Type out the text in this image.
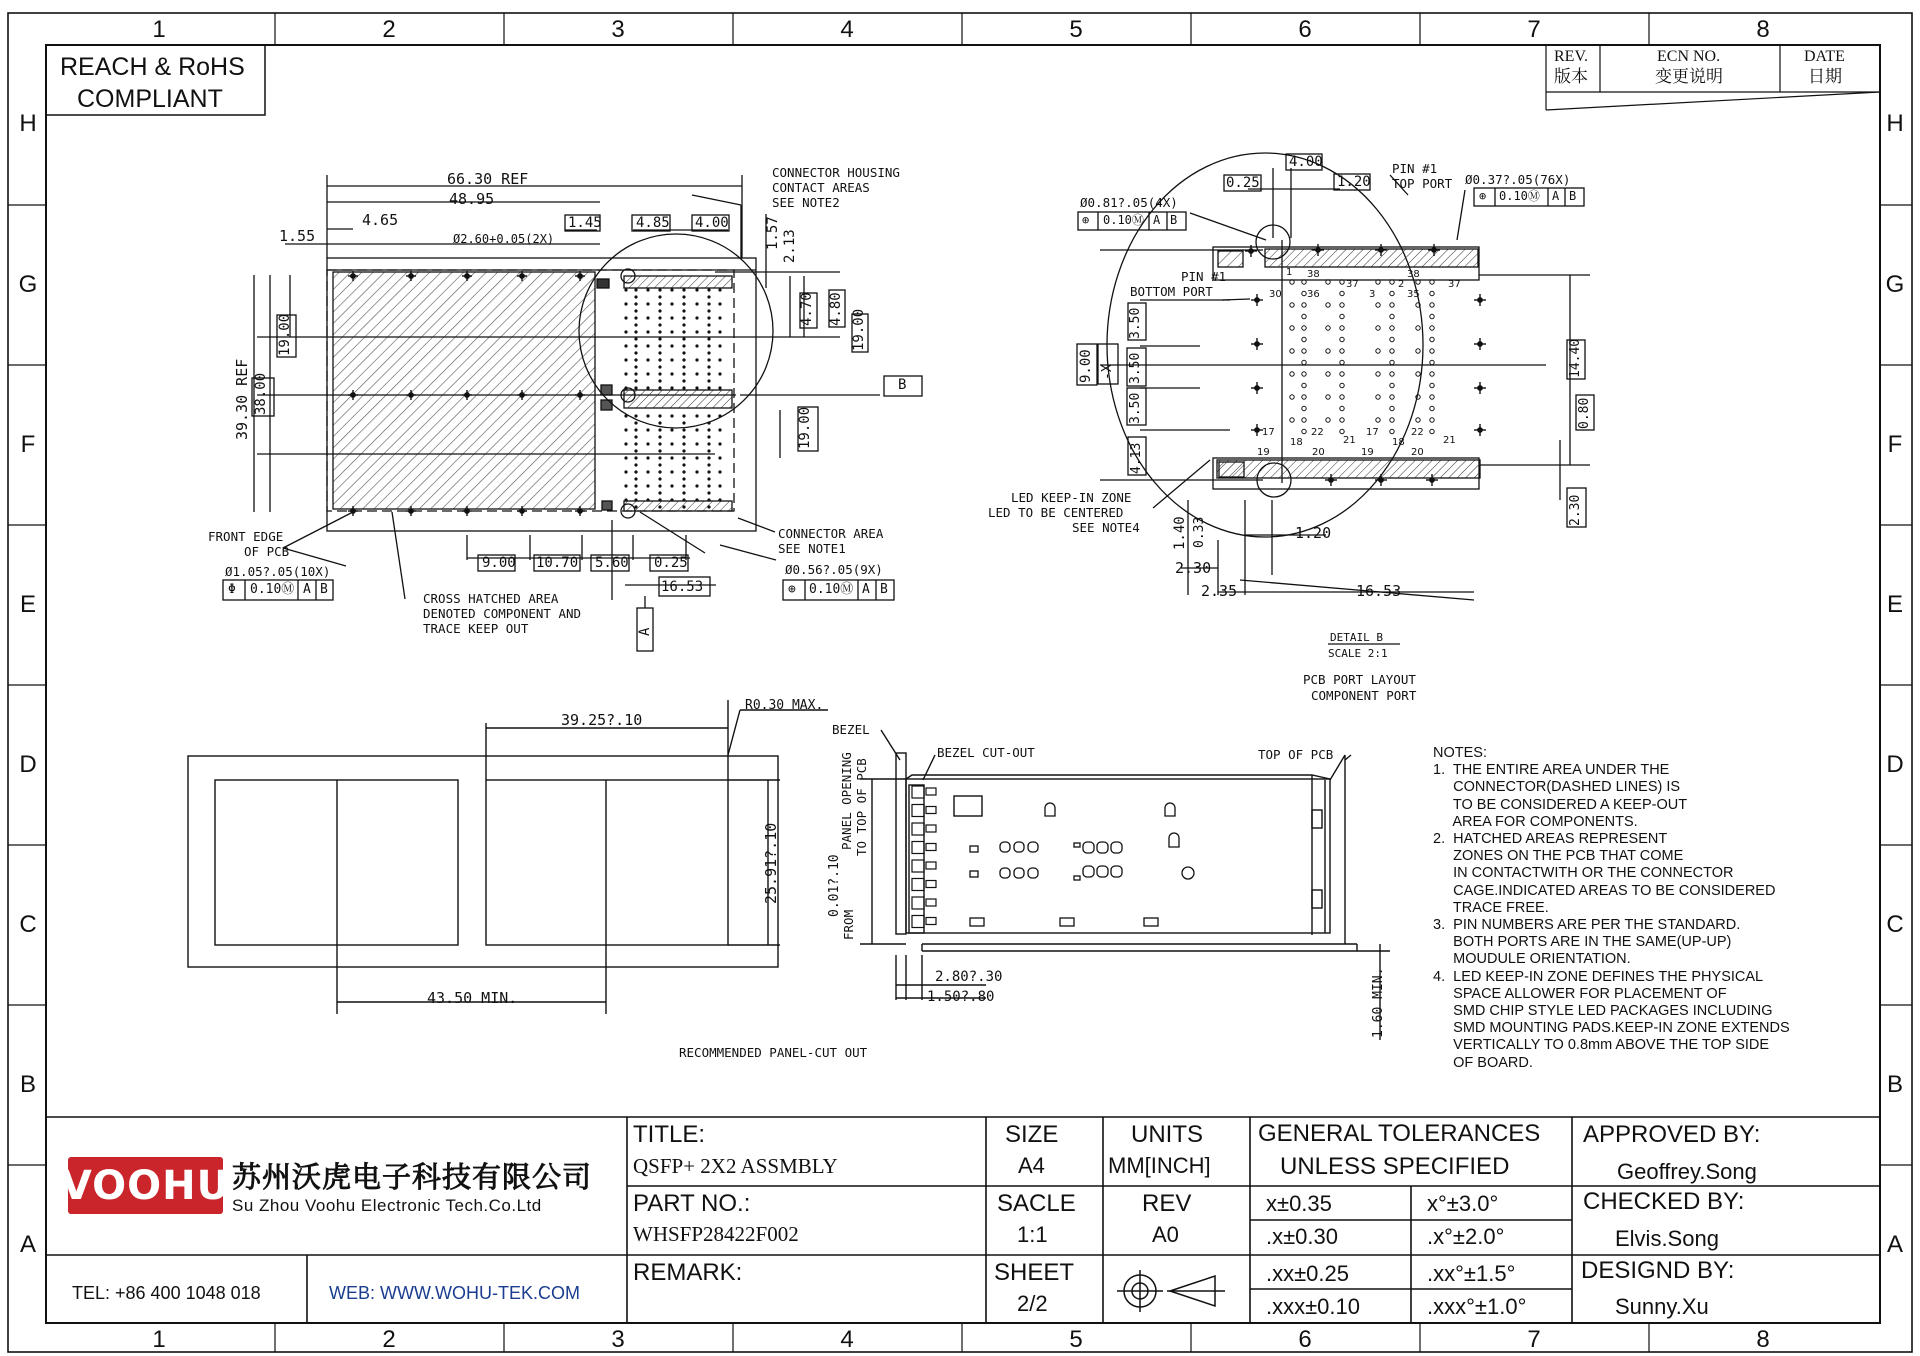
1	2	3	4	5	6	7	8
1	2	3	4	5	6	7	8
H
G
F
E
D
C
B
A
H
G
F
E
D
C
B
A
REACH & RoHS
COMPLIANT
REV.
版本
ECN NO.
变更说明
DATE
日期
66.30 REF
48.95
4.65
1.55
1.45 4.85 4.00	1.57 2.13
4.70 4.80 19.00
19.00
38.00
39.30 REF	19.00
9.00 10.70 5.60 0.25
16.53
Ø2.60+0.05(2X)
CONNECTOR HOUSING
CONTACT AREAS
SEE NOTE2
FRONT EDGE
OF PCB
Ø1.05?.05(10X)
Φ 0.10Ⓜ A B
CROSS HATCHED AREA
DENOTED COMPONENT AND
TRACE KEEP OUT
CONNECTOR AREA
SEE NOTE1
Ø0.56?.05(9X)
⊕ 0.10Ⓜ A B
B
A
4.00
0.25	1.20
9.00
3.50
3.50
3.50
4.13
14.40
0.80
2.30
1.40 0.33	1.20
2.30
2.35	16.53
Ø0.81?.05(4X)
⊕ 0.10Ⓜ A B
PIN #1
TOP PORT Ø0.37?.05(76X)
⊕ 0.10Ⓜ A B
PIN #1
BOTTOM PORT
-X-
LED KEEP-IN ZONE
LED TO BE CENTERED
SEE NOTE4
DETAIL B
SCALE 2:1
PCB PORT LAYOUT
COMPONENT PORT
1 38
37	2
38
37
30	36	3	35
17	22
21
17	22
21
19
18
20	19
18
20
39.25?.10
R0.30 MAX.
25.91?.10
43.50 MIN.
RECOMMENDED PANEL-CUT OUT
BEZEL
BEZEL CUT-OUT	TOP OF PCB
PANEL OPENING TO TOP OF PCB
0.01?.10
FROM
2.80?.30
1.50?.80	1.60 MIN.
NOTES:
1.  THE ENTIRE AREA UNDER THE
CONNECTOR(DASHED LINES) IS
TO BE CONSIDERED A KEEP-OUT
AREA FOR COMPONENTS.
2.  HATCHED AREAS REPRESENT
ZONES ON THE PCB THAT COME
IN CONTACTWITH OR THE CONNECTOR
CAGE.INDICATED AREAS TO BE CONSIDERED
TRACE FREE.
3.  PIN NUMBERS ARE PER THE STANDARD.
BOTH PORTS ARE IN THE SAME(UP-UP)
MOUDULE ORIENTATION.
4.  LED KEEP-IN ZONE DEFINES THE PHYSICAL
SPACE ALLOWER FOR PLACEMENT OF
SMD CHIP STYLE LED PACKAGES INCLUDING
SMD MOUNTING PADS.KEEP-IN ZONE EXTENDS
VERTICALLY TO 0.8mm ABOVE THE TOP SIDE
OF BOARD.
VOOHU 苏州沃虎电子科技有限公司
Su Zhou Voohu Electronic Tech.Co.Ltd
TEL: +86 400 1048 018	WEB: WWW.WOHU-TEK.COM
TITLE:
QSFP+ 2X2 ASSMBLY
PART NO.:
WHSFP28422F002
REMARK:
SIZE
A4
SACLE
1:1
SHEET
2/2
UNITS
MM[INCH]
REV
A0
GENERAL TOLERANCES
UNLESS SPECIFIED
x±0.35	x°±3.0°
.x±0.30	.x°±2.0°
.xx±0.25	.xx°±1.5°
.xxx±0.10	.xxx°±1.0°
APPROVED BY:
Geoffrey.Song
CHECKED BY:
Elvis.Song
DESIGND BY:
Sunny.Xu
